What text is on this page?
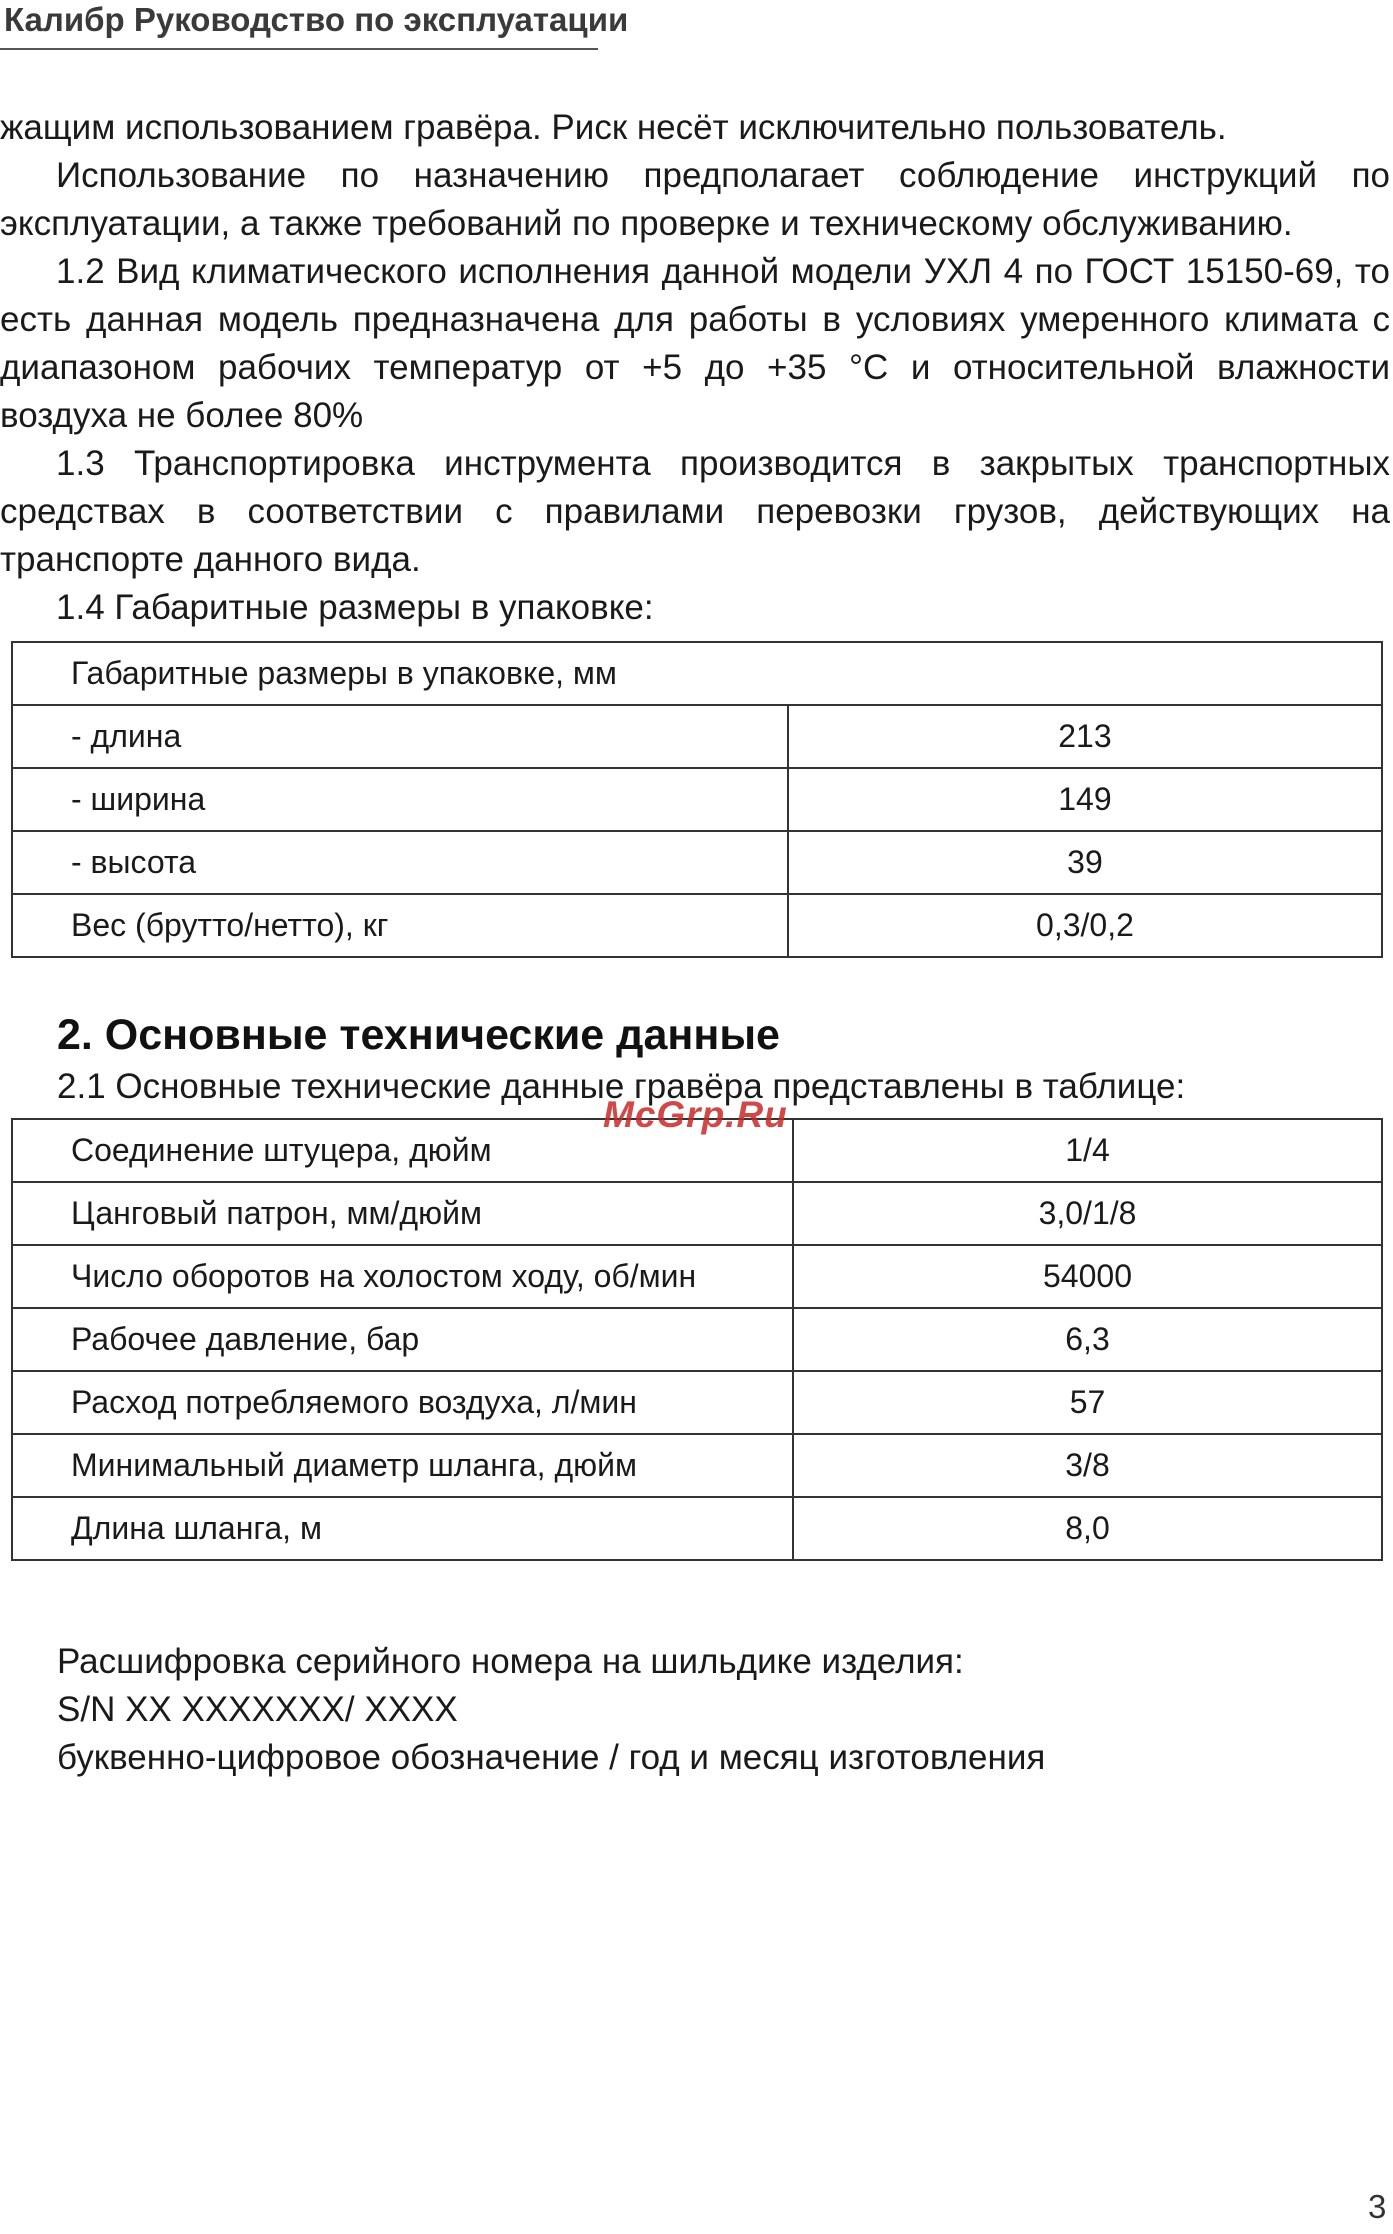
Калибр Руководство по эксплуатации

жащим использованием гравёра. Риск несёт исключительно пользователь.

Использование по назначению предполагает соблюдение инструкций по эксплуатации, а также требований по проверке и техническому обслуживанию.

1.2 Вид климатического исполнения данной модели УХЛ 4 по ГОСТ 15150-69, то есть данная модель предназначена для работы в условиях умеренного климата с диапазоном рабочих температур от +5 до +35 °С и относительной влажности воздуха не более 80%

1.3 Транспортировка инструмента производится в закрытых транспортных средствах в соответствии с правилами перевозки грузов, действующих на транспорте данного вида.

1.4 Габаритные размеры в упаковке:

Габаритные размеры в упаковке, мм	
- длина	213
- ширина	149
- высота	39
Вес (брутто/нетто), кг	0,3/0,2
2. Основные технические данные
2.1 Основные технические данные гравёра представлены в таблице:
Соединение штуцера, дюйм	1/4
Цанговый патрон, мм/дюйм	3,0/1/8
Число оборотов на холостом ходу, об/мин	54000
Рабочее давление, бар	6,3
Расход потребляемого воздуха, л/мин	57
Минимальный диаметр шланга, дюйм	3/8
Длина шланга, м	8,0
McGrp.Ru
Расшифровка серийного номера на шильдике изделия:
S/N XX XXXXXXX/ XXXX
буквенно-цифровое обозначение / год и месяц изготовления
3
